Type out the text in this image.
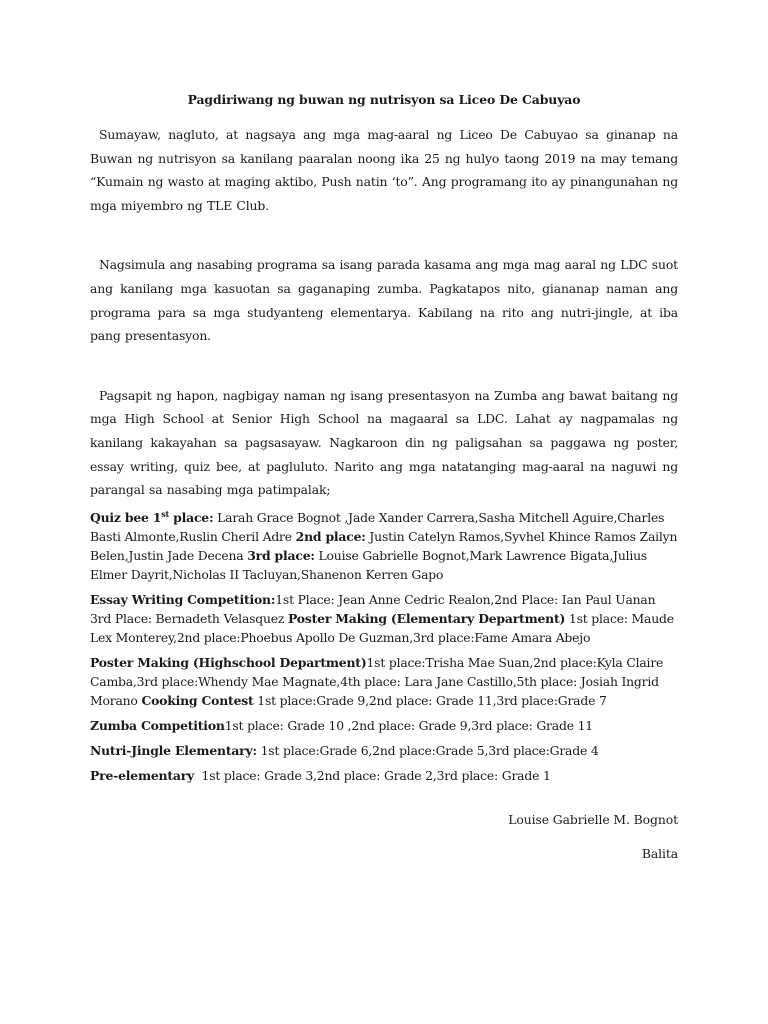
Pagdiriwang ng buwan ng nutrisyon sa Liceo De Cabuyao

Sumayaw, nagluto, at nagsaya ang mga mag-aaral ng Liceo De Cabuyao sa ginanap na Buwan ng nutrisyon sa kanilang paaralan noong ika 25 ng hulyo taong 2019 na may temang “Kumain ng wasto at maging aktibo, Push natin ‘to”. Ang programang ito ay pinangunahan ng mga miyembro ng TLE Club.

Nagsimula ang nasabing programa sa isang parada kasama ang mga mag aaral ng LDC suot ang kanilang mga kasuotan sa gaganaping zumba. Pagkatapos nito, giananap naman ang programa para sa mga studyanteng elementarya. Kabilang na rito ang nutri-jingle, at iba pang presentasyon.

Pagsapit ng hapon, nagbigay naman ng isang presentasyon na Zumba ang bawat baitang ng mga High School at Senior High School na magaaral sa LDC. Lahat ay nagpamalas ng kanilang kakayahan sa pagsasayaw. Nagkaroon din ng paligsahan sa paggawa ng poster, essay writing, quiz bee, at pagluluto. Narito ang mga natatanging mag-aaral na naguwi ng parangal sa nasabing mga patimpalak;

Quiz bee 1st place: Larah Grace Bognot ,Jade Xander Carrera,Sasha Mitchell Aguire,Charles Basti Almonte,Ruslin Cheril Adre 2nd place: Justin Catelyn Ramos,Syvhel Khince Ramos Zailyn Belen,Justin Jade Decena 3rd place: Louise Gabrielle Bognot,Mark Lawrence Bigata,Julius Elmer Dayrit,Nicholas II Tacluyan,Shanenon Kerren Gapo

Essay Writing Competition:1st Place: Jean Anne Cedric Realon,2nd Place: Ian Paul Uanan 3rd Place: Bernadeth Velasquez Poster Making (Elementary Department) 1st place: Maude Lex Monterey,2nd place:Phoebus Apollo De Guzman,3rd place:Fame Amara Abejo

Poster Making (Highschool Department)1st place:Trisha Mae Suan,2nd place:Kyla Claire Camba,3rd place:Whendy Mae Magnate,4th place: Lara Jane Castillo,5th place: Josiah Ingrid Morano Cooking Contest 1st place:Grade 9,2nd place: Grade 11,3rd place:Grade 7

Zumba Competition1st place: Grade 10 ,2nd place: Grade 9,3rd place: Grade 11

Nutri-Jingle Elementary: 1st place:Grade 6,2nd place:Grade 5,3rd place:Grade 4

Pre-elementary  1st place: Grade 3,2nd place: Grade 2,3rd place: Grade 1

Louise Gabrielle M. Bognot
Balita
